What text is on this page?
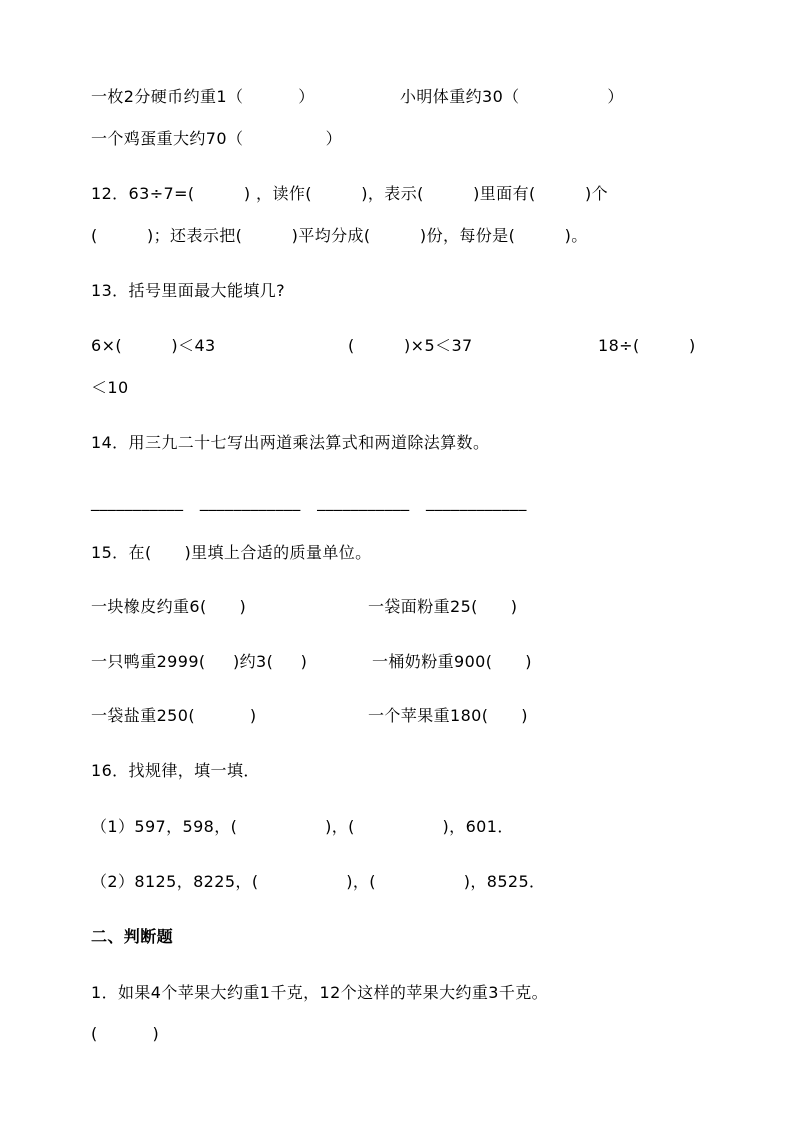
一枚2分硬币约重1（          ）	小明体重约30（                ）
一个鸡蛋重大约70（               ）
12．63÷7=(         ) ，读作(         )，表示(         )里面有(         )个
(         )；还表示把(         )平均分成(         )份，每份是(         )。
13．括号里面最大能填几?
6×(         )＜43	(         )×5＜37	18÷(         )
＜10
14．用三九二十七写出两道乘法算式和两道除法算数。
___________   ____________   ___________   ____________
15．在(      )里填上合适的质量单位。
一块橡皮约重6(      )	一袋面粉重25(      )
一只鸭重2999(     )约3(     )	一桶奶粉重900(      )
一袋盐重250(          )	一个苹果重180(      )
16．找规律，填一填．
（1）597，598，(                )，(                )，601．
（2）8125，8225，(                )，(                )，8525．
二、判断题
1．如果4个苹果大约重1千克，12个这样的苹果大约重3千克。
(          )
